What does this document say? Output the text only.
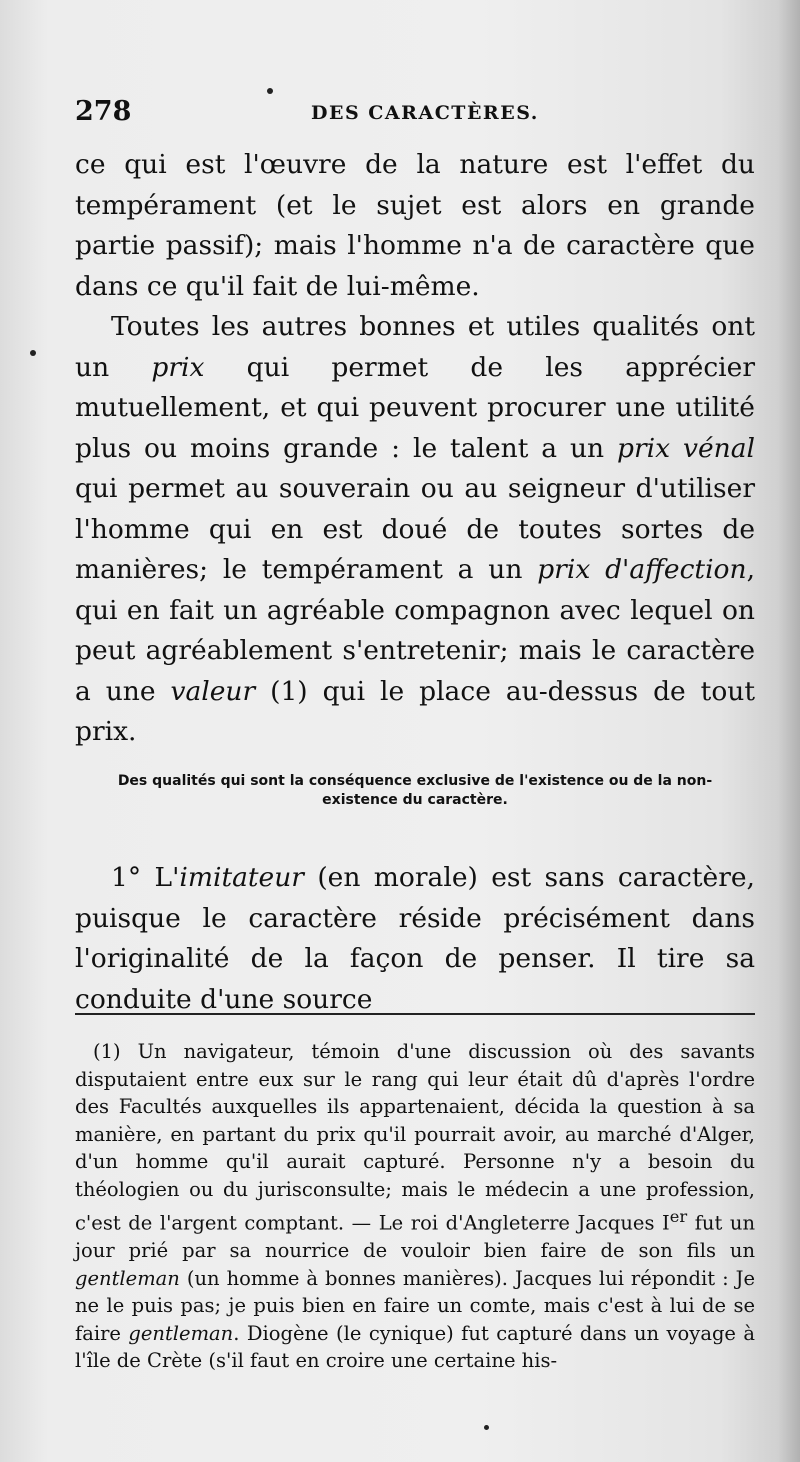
278	DES CARACTÈRES.

ce qui est l'œuvre de la nature est l'effet du tempérament (et le sujet est alors en grande partie passif); mais l'homme n'a de caractère que dans ce qu'il fait de lui-même.

Toutes les autres bonnes et utiles qualités ont un prix qui permet de les apprécier mutuellement, et qui peuvent procurer une utilité plus ou moins grande : le talent a un prix vénal qui permet au souverain ou au seigneur d'utiliser l'homme qui en est doué de toutes sortes de manières; le tempérament a un prix d'affection, qui en fait un agréable compagnon avec lequel on peut agréablement s'entretenir; mais le caractère a une valeur (1) qui le place au-dessus de tout prix.

Des qualités qui sont la conséquence exclusive de l'existence ou de la non-existence du caractère.

1° L'imitateur (en morale) est sans caractère, puisque le caractère réside précisément dans l'originalité de la façon de penser. Il tire sa conduite d'une source

(1) Un navigateur, témoin d'une discussion où des savants disputaient entre eux sur le rang qui leur était dû d'après l'ordre des Facultés auxquelles ils appartenaient, décida la question à sa manière, en partant du prix qu'il pourrait avoir, au marché d'Alger, d'un homme qu'il aurait capturé. Personne n'y a besoin du théologien ou du jurisconsulte; mais le médecin a une profession, c'est de l'argent comptant. — Le roi d'Angleterre Jacques Ier fut un jour prié par sa nourrice de vouloir bien faire de son fils un gentleman (un homme à bonnes manières). Jacques lui répondit : Je ne le puis pas; je puis bien en faire un comte, mais c'est à lui de se faire gentleman. Diogène (le cynique) fut capturé dans un voyage à l'île de Crète (s'il faut en croire une certaine his-
